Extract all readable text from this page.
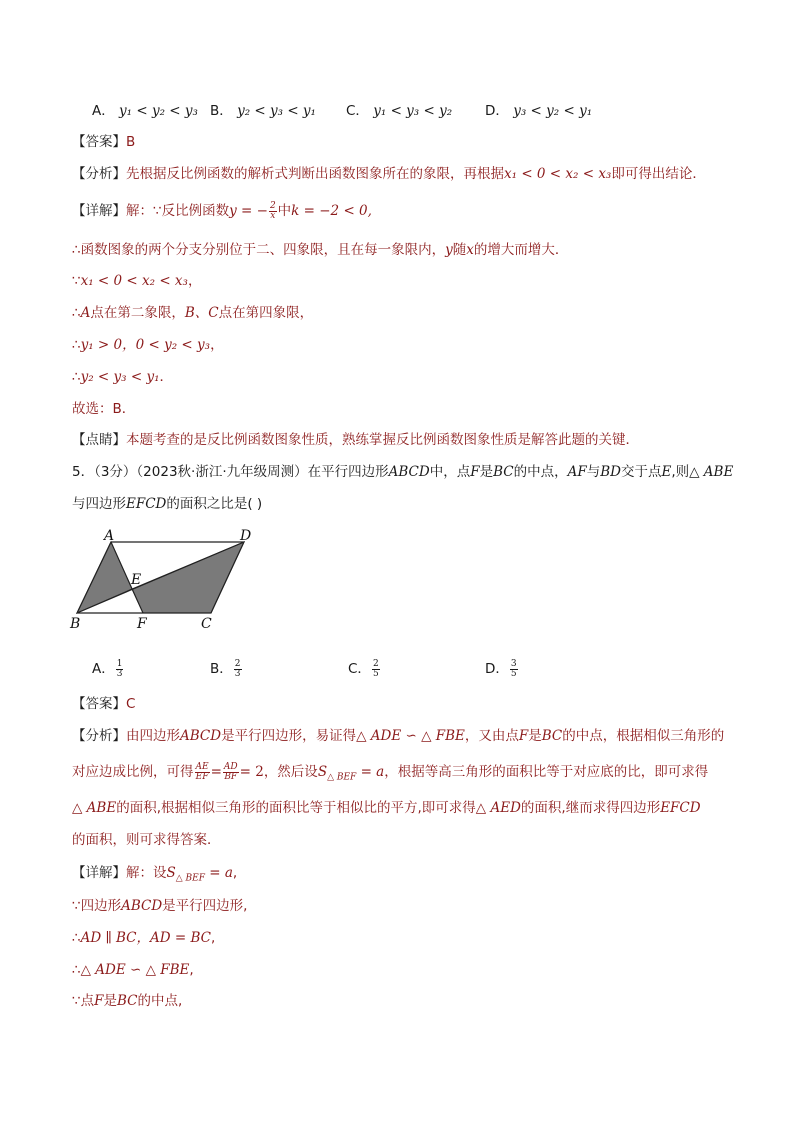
A． y₁ < y₂ < y₃ B． y₂ < y₃ < y₁ C． y₁ < y₃ < y₂ D． y₃ < y₂ < y₁
【答案】B
【分析】先根据反比例函数的解析式判断出函数图象所在的象限，再根据x₁ < 0 < x₂ < x₃即可得出结论．
【详解】解：∵反比例函数y = − $\frac{2}{x}$ 中k = −2 < 0,
∴函数图象的两个分支分别位于二、四象限，且在每一象限内，y随x的增大而增大．
∵x₁ < 0 < x₂ < x₃，
∴A点在第二象限，B、C点在第四象限，
∴y₁ > 0，0 < y₂ < y₃，
∴y₂ < y₃ < y₁．
故选：B．
【点睛】本题考查的是反比例函数图象性质，熟练掌握反比例函数图象性质是解答此题的关键．
5．（3分）（2023秋·浙江·九年级周测）在平行四边形ABCD中，点F是BC的中点，AF与BD交于点E,则△ ABE
与四边形EFCD的面积之比是( )
A	D
E
B	F	C
A． $\frac{1}{3}$	B． $\frac{2}{3}$	C． $\frac{2}{5}$	D． $\frac{3}{5}$
【答案】C
【分析】由四边形ABCD是平行四边形，易证得△ ADE ∽ △ FBE，又由点F是BC的中点，根据相似三角形的
对应边成比例，可得 $\frac{AE}{EF} = \frac{AD}{BF} = 2$，然后设$S_{\triangle BEF} = a$，根据等高三角形的面积比等于对应底的比，即可求得
△ ABE的面积,根据相似三角形的面积比等于相似比的平方,即可求得△ AED的面积,继而求得四边形EFCD
的面积，则可求得答案．
【详解】解：设$S_{\triangle BEF} = a$,
∵四边形ABCD是平行四边形,
∴AD ∥ BC，AD = BC,
∴△ ADE ∽ △ FBE,
∵点F是BC的中点,
